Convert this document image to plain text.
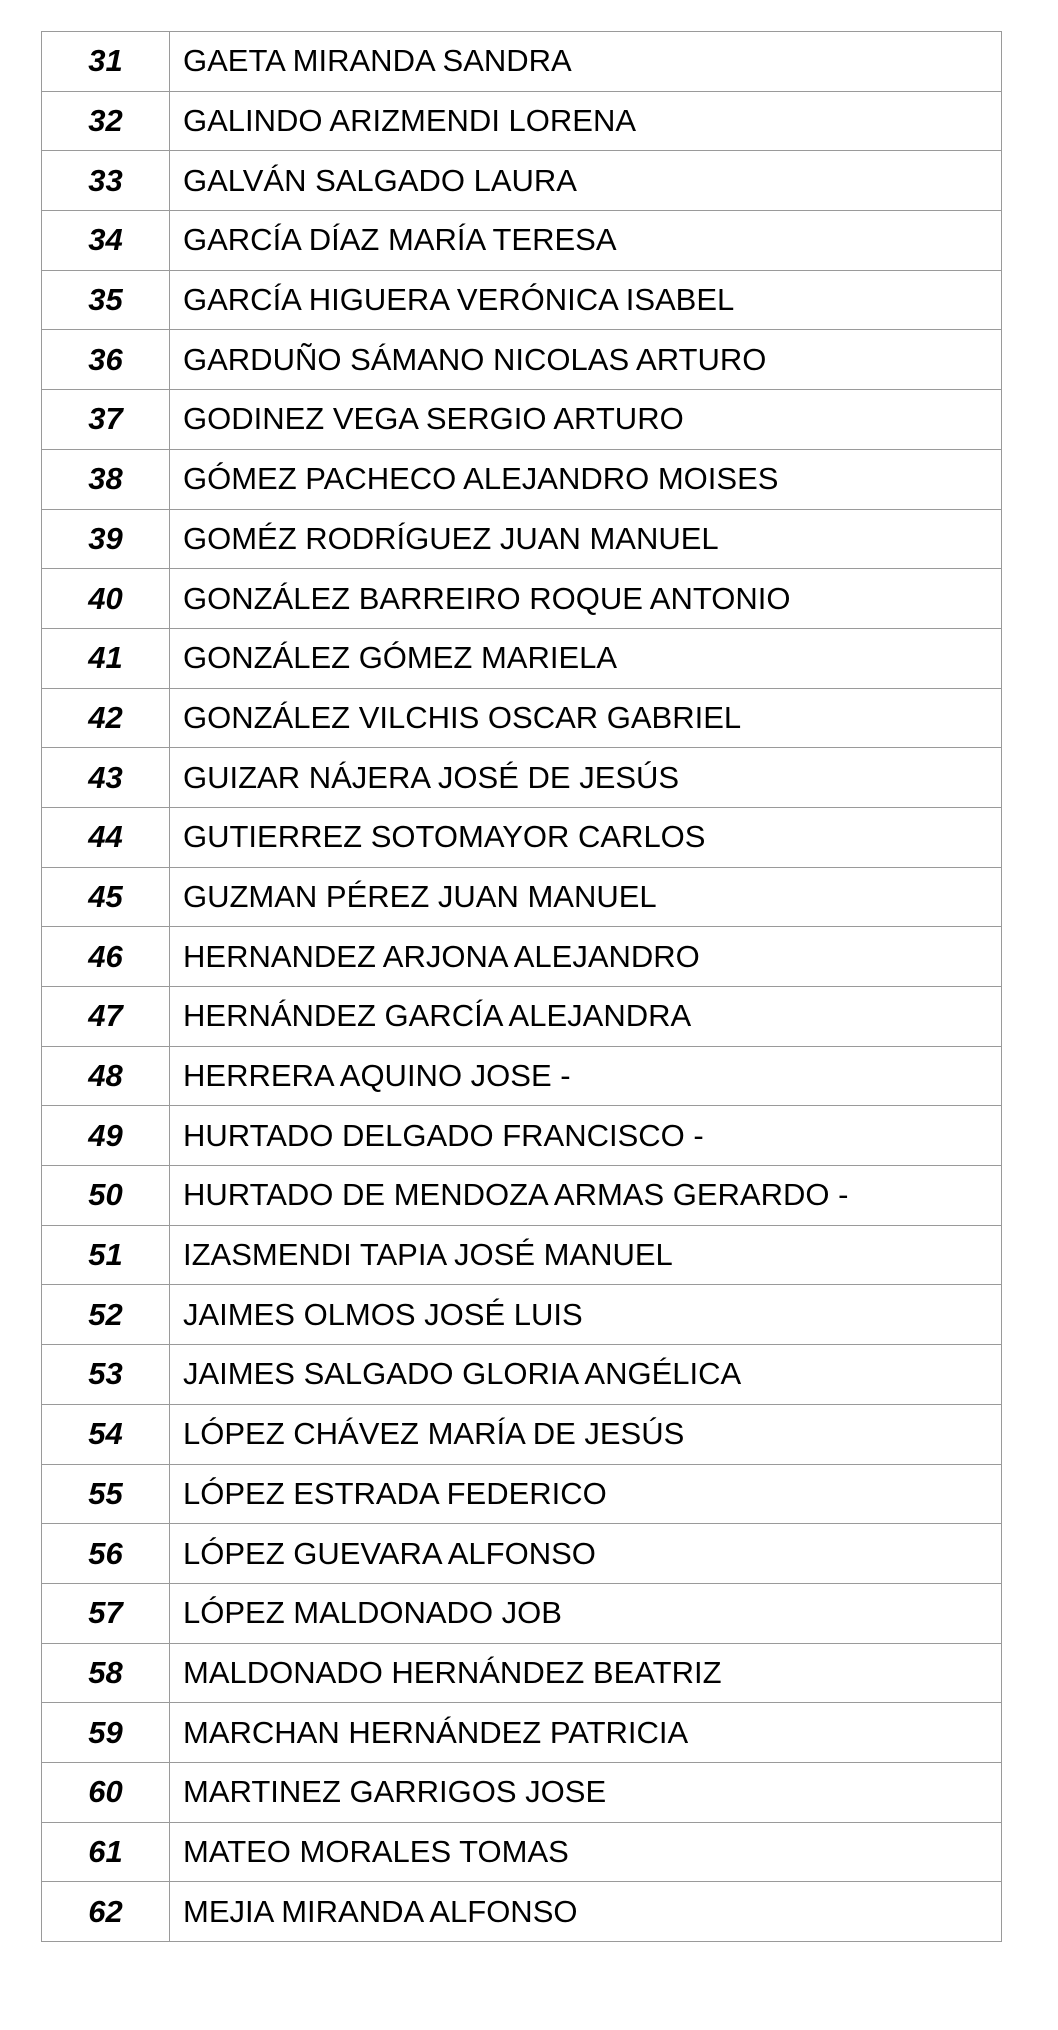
31	GAETA MIRANDA SANDRA
32	GALINDO ARIZMENDI LORENA
33	GALVÁN SALGADO LAURA
34	GARCÍA DÍAZ MARÍA TERESA
35	GARCÍA HIGUERA VERÓNICA ISABEL
36	GARDUÑO SÁMANO NICOLAS ARTURO
37	GODINEZ VEGA SERGIO ARTURO
38	GÓMEZ PACHECO ALEJANDRO MOISES
39	GOMÉZ RODRÍGUEZ JUAN MANUEL
40	GONZÁLEZ BARREIRO ROQUE ANTONIO
41	GONZÁLEZ GÓMEZ MARIELA
42	GONZÁLEZ VILCHIS OSCAR GABRIEL
43	GUIZAR NÁJERA JOSÉ DE JESÚS
44	GUTIERREZ SOTOMAYOR CARLOS
45	GUZMAN PÉREZ JUAN MANUEL
46	HERNANDEZ ARJONA ALEJANDRO
47	HERNÁNDEZ GARCÍA ALEJANDRA
48	HERRERA AQUINO JOSE -
49	HURTADO DELGADO FRANCISCO -
50	HURTADO DE MENDOZA ARMAS GERARDO -
51	IZASMENDI TAPIA JOSÉ MANUEL
52	JAIMES OLMOS JOSÉ LUIS
53	JAIMES SALGADO GLORIA ANGÉLICA
54	LÓPEZ CHÁVEZ MARÍA DE JESÚS
55	LÓPEZ ESTRADA FEDERICO
56	LÓPEZ GUEVARA ALFONSO
57	LÓPEZ MALDONADO JOB
58	MALDONADO HERNÁNDEZ BEATRIZ
59	MARCHAN HERNÁNDEZ PATRICIA
60	MARTINEZ GARRIGOS JOSE
61	MATEO MORALES TOMAS
62	MEJIA MIRANDA ALFONSO
